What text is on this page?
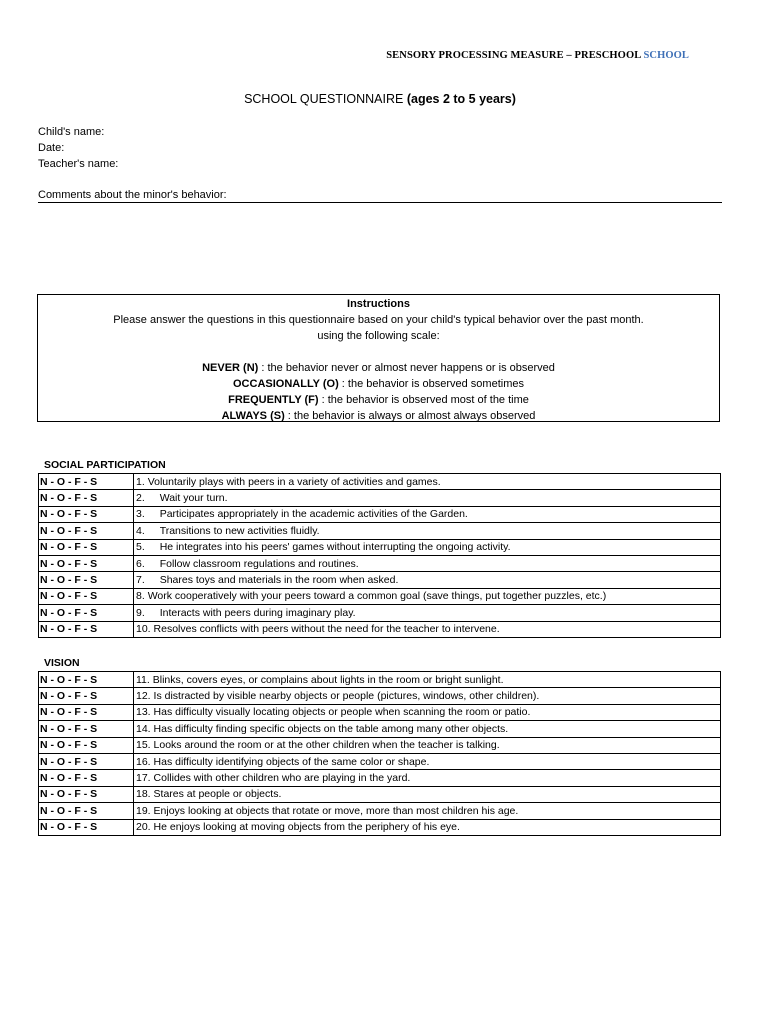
SENSORY PROCESSING MEASURE – PRESCHOOL SCHOOL
SCHOOL QUESTIONNAIRE (ages 2 to 5 years)
Child's name:
Date:
Teacher's name:
Comments about the minor's behavior:
Instructions
Please answer the questions in this questionnaire based on your child's typical behavior over the past month.
using the following scale:
NEVER (N) : the behavior never or almost never happens or is observed
OCCASIONALLY (O) : the behavior is observed sometimes
FREQUENTLY (F) : the behavior is observed most of the time
ALWAYS (S) : the behavior is always or almost always observed
SOCIAL PARTICIPATION
N - O - F - S	1. Voluntarily plays with peers in a variety of activities and games.
N - O - F - S	2. Wait your turn.
N - O - F - S	3. Participates appropriately in the academic activities of the Garden.
N - O - F - S	4. Transitions to new activities fluidly.
N - O - F - S	5. He integrates into his peers' games without interrupting the ongoing activity.
N - O - F - S	6. Follow classroom regulations and routines.
N - O - F - S	7. Shares toys and materials in the room when asked.
N - O - F - S	8. Work cooperatively with your peers toward a common goal (save things, put together puzzles, etc.)
N - O - F - S	9. Interacts with peers during imaginary play.
N - O - F - S	10. Resolves conflicts with peers without the need for the teacher to intervene.
VISION
N - O - F - S	11. Blinks, covers eyes, or complains about lights in the room or bright sunlight.
N - O - F - S	12. Is distracted by visible nearby objects or people (pictures, windows, other children).
N - O - F - S	13. Has difficulty visually locating objects or people when scanning the room or patio.
N - O - F - S	14. Has difficulty finding specific objects on the table among many other objects.
N - O - F - S	15. Looks around the room or at the other children when the teacher is talking.
N - O - F - S	16. Has difficulty identifying objects of the same color or shape.
N - O - F - S	17. Collides with other children who are playing in the yard.
N - O - F - S	18. Stares at people or objects.
N - O - F - S	19. Enjoys looking at objects that rotate or move, more than most children his age.
N - O - F - S	20. He enjoys looking at moving objects from the periphery of his eye.
